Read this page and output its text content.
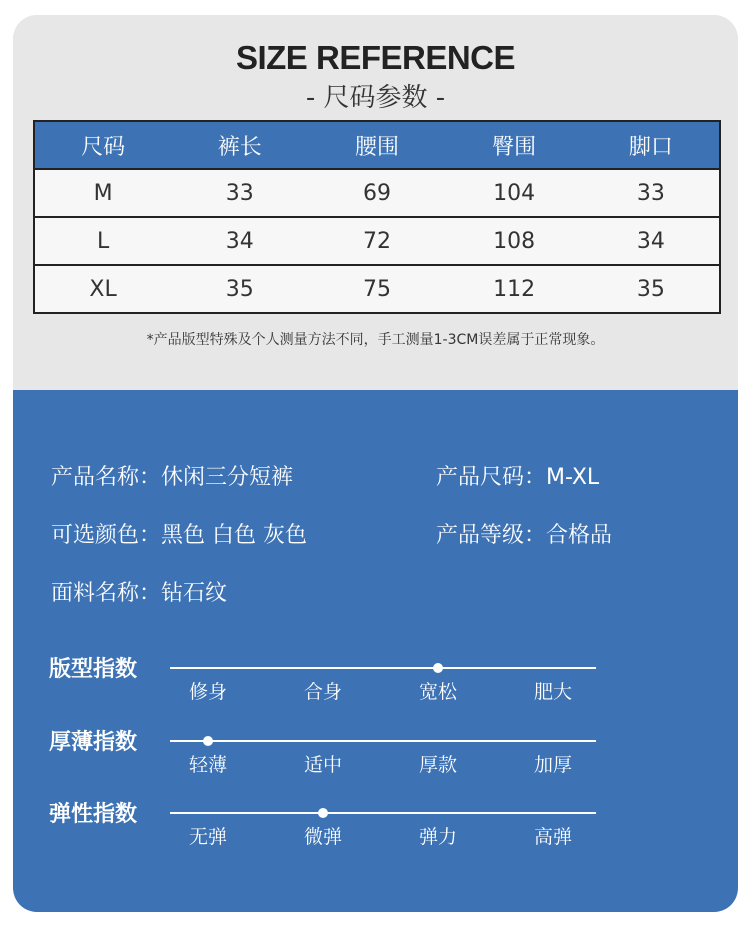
SIZE REFERENCE
- 尺码参数 -
尺码	裤长	腰围	臀围	脚口
M	33	69	104	33
L	34	72	108	34
XL	35	75	112	35
*产品版型特殊及个人测量方法不同，手工测量1-3CM误差属于正常现象。
产品名称：休闲三分短裤	产品尺码：M-XL
可选颜色：黑色 白色 灰色	产品等级：合格品
面料名称：钻石纹
版型指数
修身	合身	宽松	肥大
厚薄指数
轻薄	适中	厚款	加厚
弹性指数
无弹	微弹	弹力	高弹
